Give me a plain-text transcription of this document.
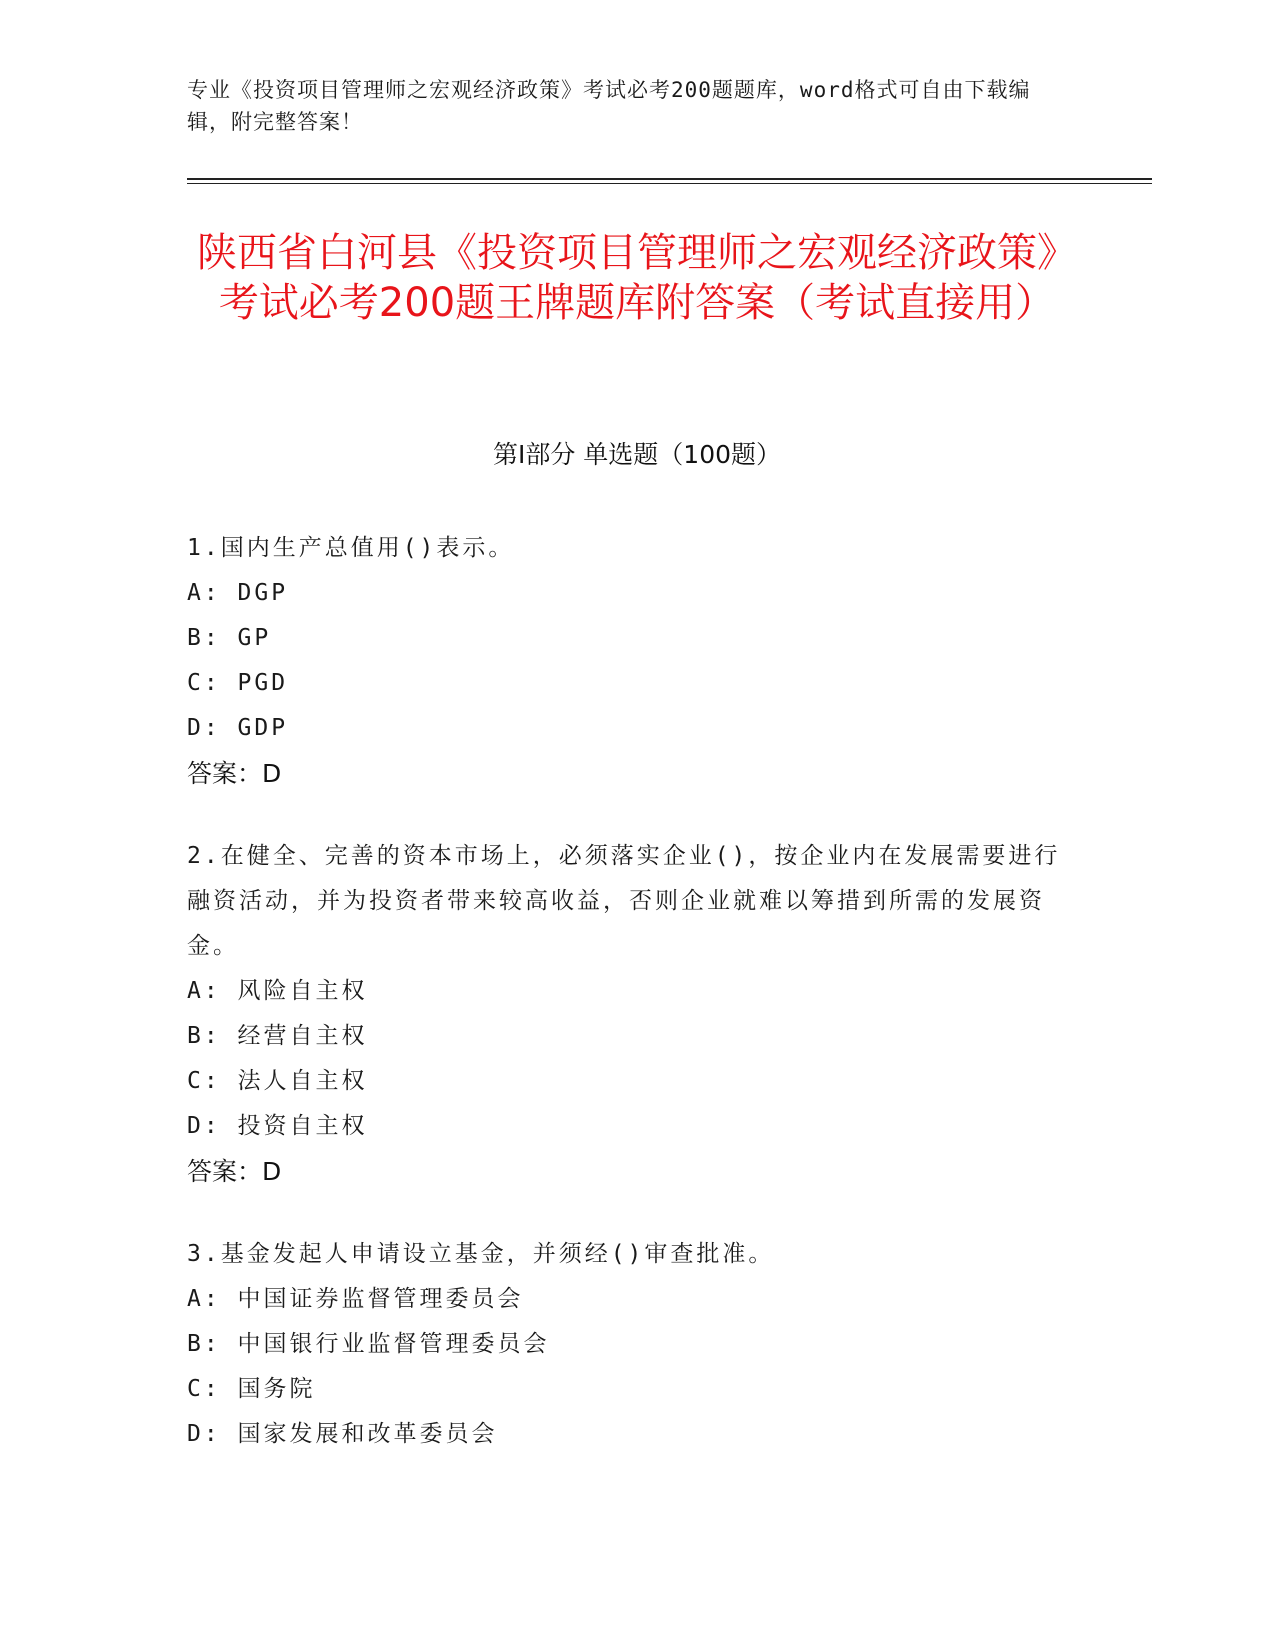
专业《投资项目管理师之宏观经济政策》考试必考200题题库，word格式可自由下载编辑，附完整答案！
陕西省白河县《投资项目管理师之宏观经济政策》考试必考200题王牌题库附答案（考试直接用）
第Ⅰ部分 单选题（100题）
1.国内生产总值用()表示。
A: DGP
B: GP
C: PGD
D: GDP
答案：D
2.在健全、完善的资本市场上，必须落实企业()，按企业内在发展需要进行融资活动，并为投资者带来较高收益，否则企业就难以筹措到所需的发展资金。
A: 风险自主权
B: 经营自主权
C: 法人自主权
D: 投资自主权
答案：D
3.基金发起人申请设立基金，并须经()审查批准。
A: 中国证券监督管理委员会
B: 中国银行业监督管理委员会
C: 国务院
D: 国家发展和改革委员会
